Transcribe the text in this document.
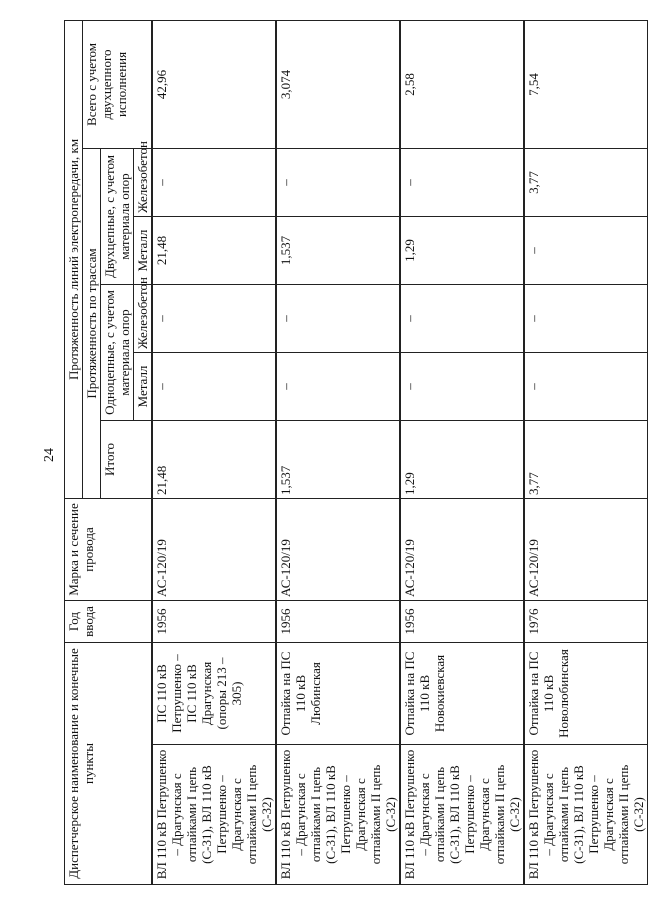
24
Диспетчерское наименование и конечные пункты		Год ввода	Марка и сечение провода	Протяженность линий электропередачи, км					
				Протяженность по трассам					Всего с учетом двухцепного исполнения
				Итого	Одноцепные, с учетом материала опор		Двухцепные, с учетом материала опор		
					Металл	Железобетон	Металл	Железобетон	
ВЛ 110 кВ Петрушенко – Драгунская с отпайками I цепь (С-31), ВЛ 110 кВ Петрушенко – Драгунская с отпайками II цепь (С-32)	ПС 110 кВ Петрушенко – ПС 110 кВ Драгунская (опоры 213 – 305)	1956	АС-120/19	21,48	–	–	21,48	–	42,96
ВЛ 110 кВ Петрушенко – Драгунская с отпайками I цепь (С-31), ВЛ 110 кВ Петрушенко – Драгунская с отпайками II цепь (С-32)	Отпайка на ПС 110 кВ Любинская	1956	АС-120/19	1,537	–	–	1,537	–	3,074
ВЛ 110 кВ Петрушенко – Драгунская с отпайками I цепь (С-31), ВЛ 110 кВ Петрушенко – Драгунская с отпайками II цепь (С-32)	Отпайка на ПС 110 кВ Новокиевская	1956	АС-120/19	1,29	–	–	1,29	–	2,58
ВЛ 110 кВ Петрушенко – Драгунская с отпайками I цепь (С-31), ВЛ 110 кВ Петрушенко – Драгунская с отпайками II цепь (С-32)	Отпайка на ПС 110 кВ Новолюбинская	1976	АС-120/19	3,77	–	–	–	3,77	7,54
